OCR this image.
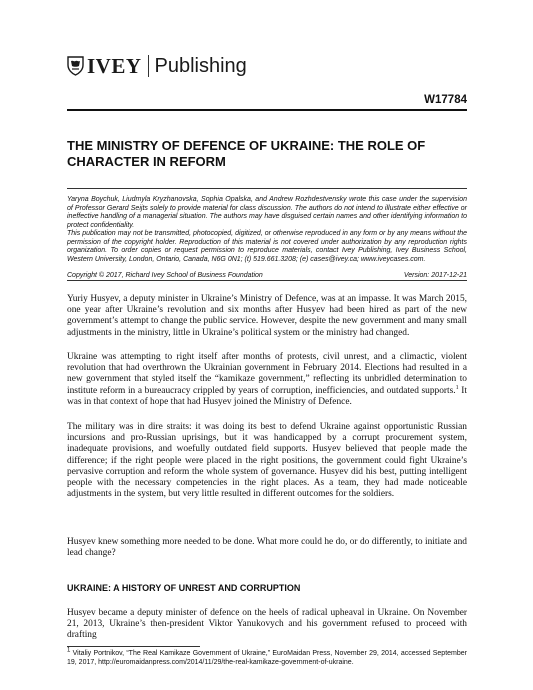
IVEY Publishing
W17784
THE MINISTRY OF DEFENCE OF UKRAINE: THE ROLE OF CHARACTER IN REFORM

Yaryna Boychuk, Liudmyla Kryzhanovska, Sophia Opalska, and Andrew Rozhdestvensky wrote this case under the supervision of Professor Gerard Seijts solely to provide material for class discussion. The authors do not intend to illustrate either effective or ineffective handling of a managerial situation. The authors may have disguised certain names and other identifying information to protect confidentiality.

This publication may not be transmitted, photocopied, digitized, or otherwise reproduced in any form or by any means without the permission of the copyright holder. Reproduction of this material is not covered under authorization by any reproduction rights organization. To order copies or request permission to reproduce materials, contact Ivey Publishing, Ivey Business School, Western University, London, Ontario, Canada, N6G 0N1; (t) 519.661.3208; (e) cases@ivey.ca; www.iveycases.com.

Copyright © 2017, Richard Ivey School of Business Foundation	Version: 2017-12-21

Yuriy Husyev, a deputy minister in Ukraine’s Ministry of Defence, was at an impasse. It was March 2015, one year after Ukraine’s revolution and six months after Husyev had been hired as part of the new government’s attempt to change the public service. However, despite the new government and many small adjustments in the ministry, little in Ukraine’s political system or the ministry had changed.

Ukraine was attempting to right itself after months of protests, civil unrest, and a climactic, violent revolution that had overthrown the Ukrainian government in February 2014. Elections had resulted in a new government that styled itself the “kamikaze government,” reflecting its unbridled determination to institute reform in a bureaucracy crippled by years of corruption, inefficiencies, and outdated supports.$^1$ It was in that context of hope that had Husyev joined the Ministry of Defence.

The military was in dire straits: it was doing its best to defend Ukraine against opportunistic Russian incursions and pro-Russian uprisings, but it was handicapped by a corrupt procurement system, inadequate provisions, and woefully outdated field supports. Husyev believed that people made the difference; if the right people were placed in the right positions, the government could fight Ukraine’s pervasive corruption and reform the whole system of governance. Husyev did his best, putting intelligent people with the necessary competencies in the right places. As a team, they had made noticeable adjustments in the system, but very little resulted in different outcomes for the soldiers.

Husyev knew something more needed to be done. What more could he do, or do differently, to initiate and lead change?

UKRAINE: A HISTORY OF UNREST AND CORRUPTION

Husyev became a deputy minister of defence on the heels of radical upheaval in Ukraine. On November 21, 2013, Ukraine’s then-president Viktor Yanukovych and his government refused to proceed with drafting

$^1$ Vitaliy Portnikov, “The Real Kamikaze Government of Ukraine,” EuroMaidan Press, November 29, 2014, accessed September 19, 2017, http://euromaidanpress.com/2014/11/29/the-real-kamikaze-government-of-ukraine.
